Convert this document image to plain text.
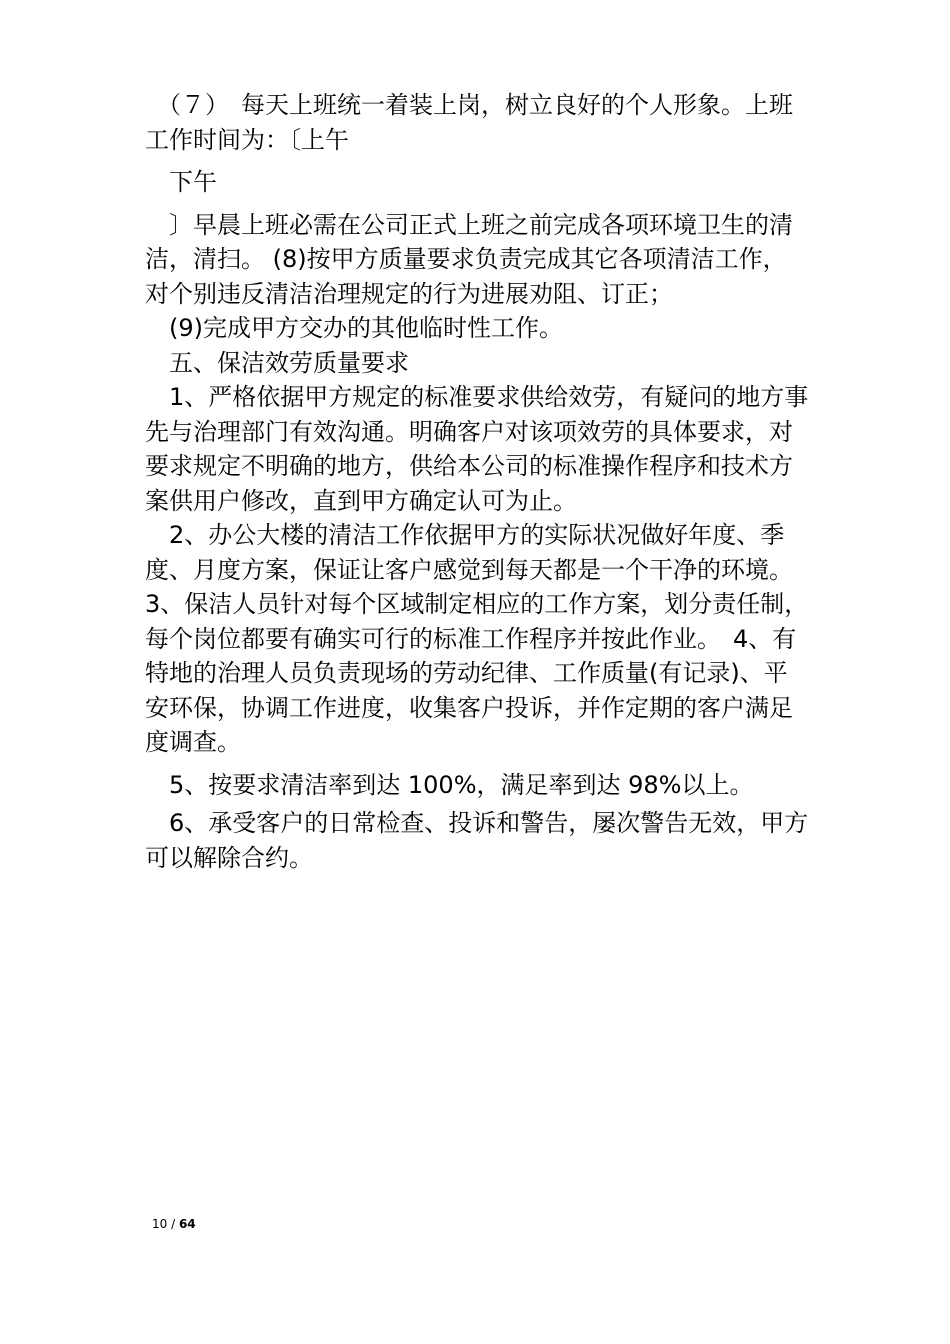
　（７）　每天上班统一着装上岗，树立良好的个人形象。上班工作时间为：〔上午

　下午

　〕早晨上班必需在公司正式上班之前完成各项环境卫生的清洁，清扫。 (8)按甲方质量要求负责完成其它各项清洁工作，对个别违反清洁治理规定的行为进展劝阻、订正；

　(9)完成甲方交办的其他临时性工作。

　五、保洁效劳质量要求

　1、严格依据甲方规定的标准要求供给效劳，有疑问的地方事先与治理部门有效沟通。明确客户对该项效劳的具体要求，对要求规定不明确的地方，供给本公司的标准操作程序和技术方案供用户修改，直到甲方确定认可为止。

　2、办公大楼的清洁工作依据甲方的实际状况做好年度、季度、月度方案，保证让客户感觉到每天都是一个干净的环境。　 3、保洁人员针对每个区域制定相应的工作方案，划分责任制，每个岗位都要有确实可行的标准工作程序并按此作业。　4、有特地的治理人员负责现场的劳动纪律、工作质量(有记录)、平安环保，协调工作进度，收集客户投诉，并作定期的客户满足度调查。

　5、按要求清洁率到达 100%，满足率到达 98%以上。

　6、承受客户的日常检查、投诉和警告，屡次警告无效，甲方可以解除合约。

10 / 64
